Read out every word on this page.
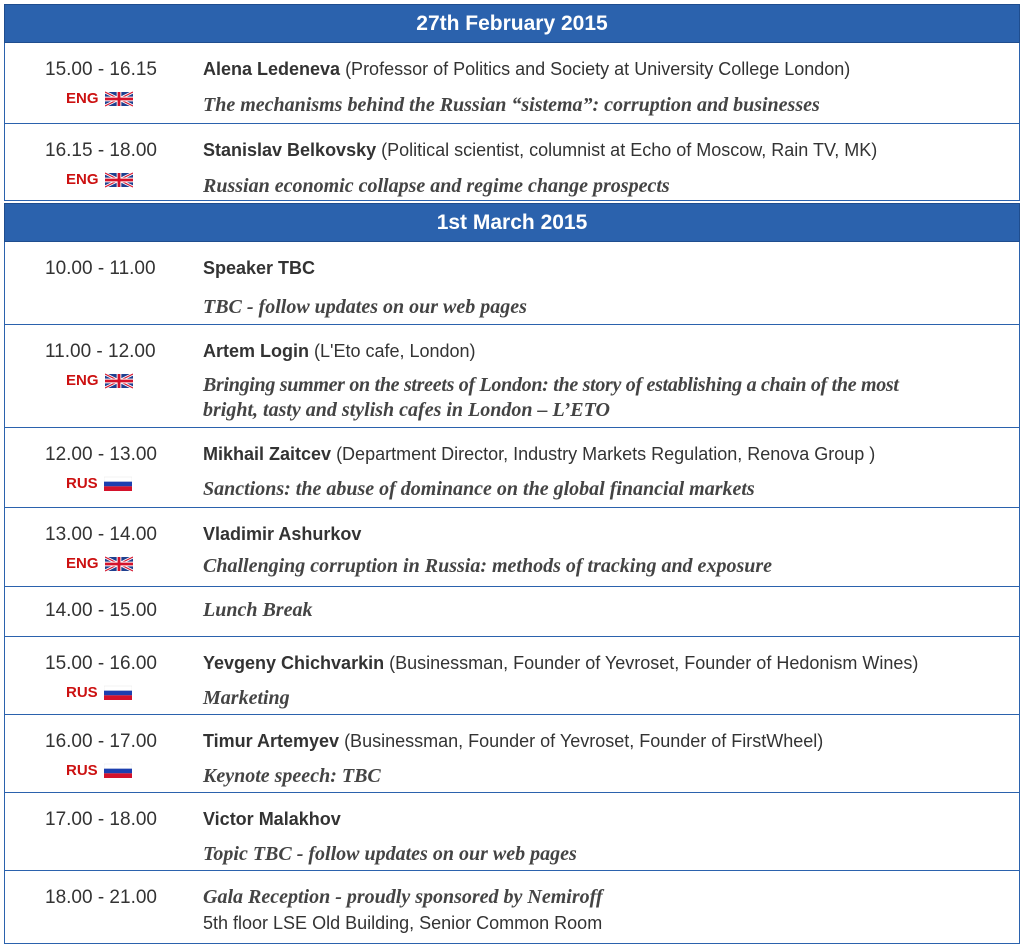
27th February 2015
15.00 - 16.15
ENG
Alena Ledeneva (Professor of Politics and Society at University College London)
The mechanisms behind the Russian “sistema”: corruption and businesses
16.15 - 18.00
ENG
Stanislav Belkovsky (Political scientist, columnist at Echo of Moscow, Rain TV, MK)
Russian economic collapse and regime change prospects
1st March 2015
10.00 - 11.00	Speaker TBC
TBC - follow updates on our web pages
11.00 - 12.00
ENG
Artem Login (L'Eto cafe, London)
Bringing summer on the streets of London: the story of establishing a chain of the most
bright, tasty and stylish cafes in London – L’ETO
12.00 - 13.00
RUS
Mikhail Zaitcev (Department Director, Industry Markets Regulation, Renova Group )
Sanctions: the abuse of dominance on the global financial markets
13.00 - 14.00
ENG
Vladimir Ashurkov
Challenging corruption in Russia: methods of tracking and exposure
14.00 - 15.00 Lunch Break
15.00 - 16.00
RUS
Yevgeny Chichvarkin (Businessman, Founder of Yevroset, Founder of Hedonism Wines)
Marketing
16.00 - 17.00
RUS
Timur Artemyev (Businessman, Founder of Yevroset, Founder of FirstWheel)
Keynote speech: TBC
17.00 - 18.00	Victor Malakhov
Topic TBC - follow updates on our web pages
18.00 - 21.00 Gala Reception - proudly sponsored by Nemiroff
5th floor LSE Old Building, Senior Common Room
